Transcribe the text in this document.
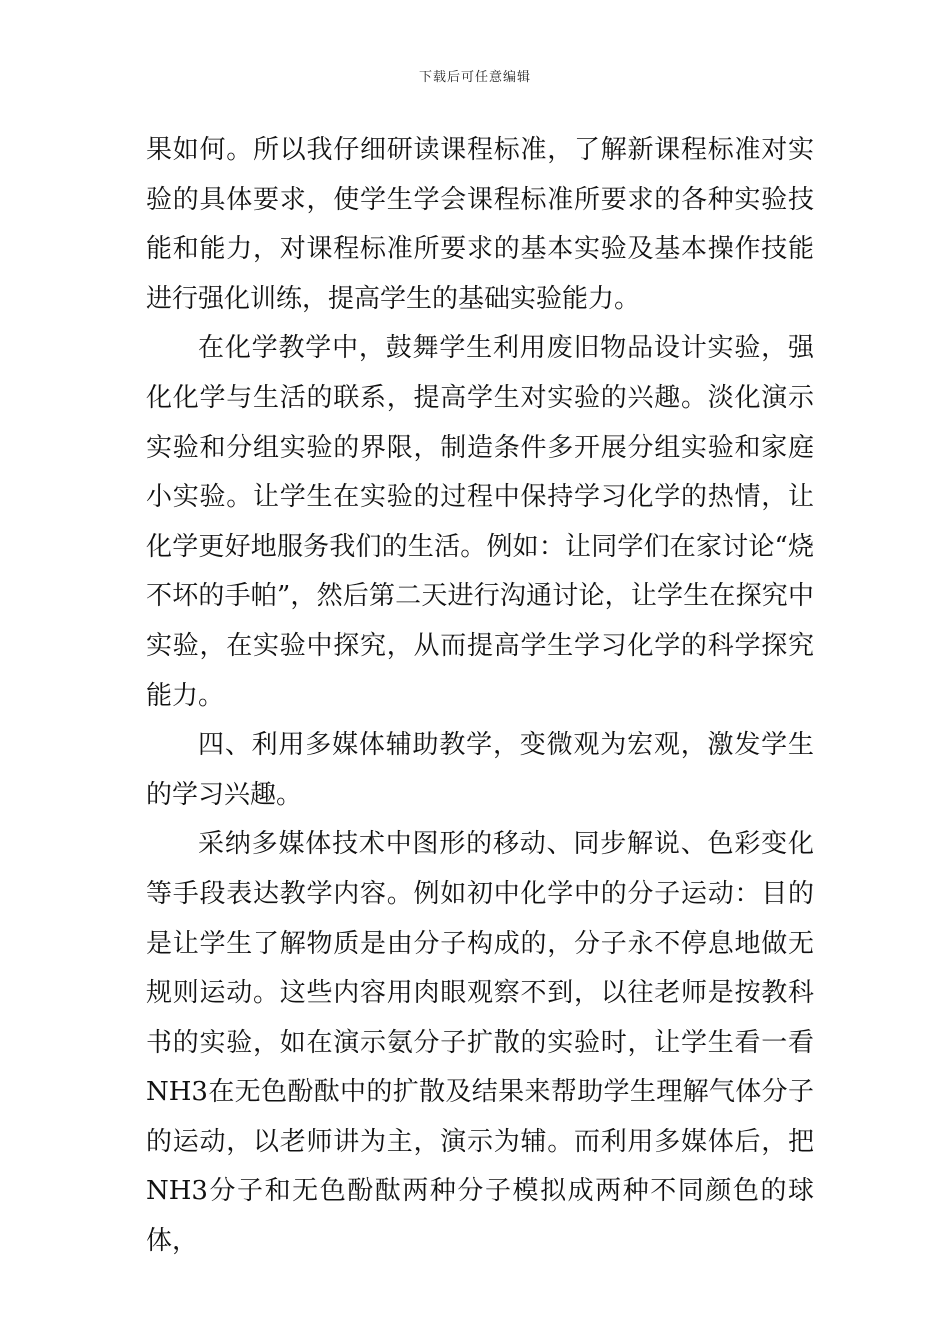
下载后可任意编辑

果如何。所以我仔细研读课程标准，了解新课程标准对实验的具体要求，使学生学会课程标准所要求的各种实验技能和能力，对课程标准所要求的基本实验及基本操作技能进行强化训练，提高学生的基础实验能力。

在化学教学中，鼓舞学生利用废旧物品设计实验，强化化学与生活的联系，提高学生对实验的兴趣。淡化演示实验和分组实验的界限，制造条件多开展分组实验和家庭小实验。让学生在实验的过程中保持学习化学的热情，让化学更好地服务我们的生活。例如：让同学们在家讨论“烧不坏的手帕”，然后第二天进行沟通讨论，让学生在探究中实验，在实验中探究，从而提高学生学习化学的科学探究能力。

四、利用多媒体辅助教学，变微观为宏观，激发学生的学习兴趣。

采纳多媒体技术中图形的移动、同步解说、色彩变化等手段表达教学内容。例如初中化学中的分子运动：目的是让学生了解物质是由分子构成的，分子永不停息地做无规则运动。这些内容用肉眼观察不到，以往老师是按教科书的实验，如在演示氨分子扩散的实验时，让学生看一看NH3在无色酚酞中的扩散及结果来帮助学生理解气体分子的运动，以老师讲为主，演示为辅。而利用多媒体后，把NH3分子和无色酚酞两种分子模拟成两种不同颜色的球体，
